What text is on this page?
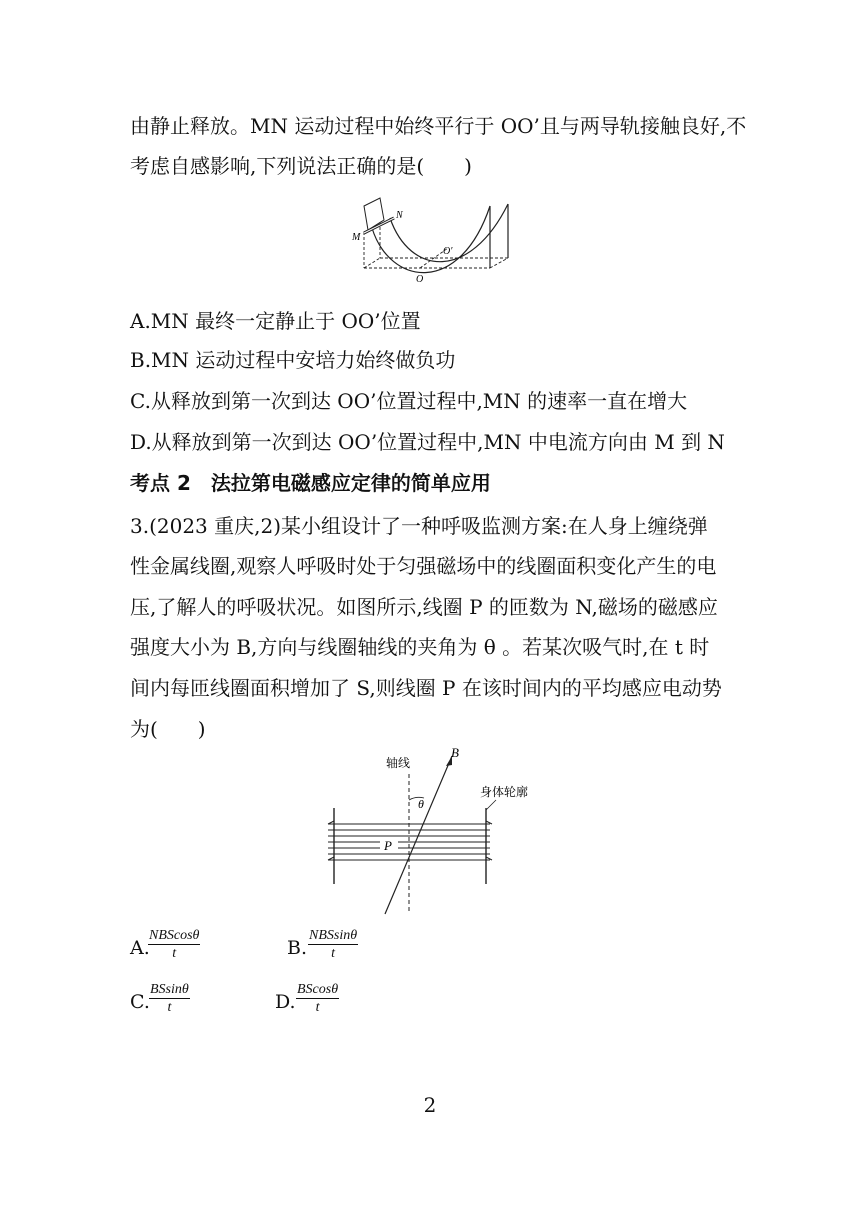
由静止释放。MN 运动过程中始终平行于 OO’且与两导轨接触良好,不
考虑自感影响,下列说法正确的是(　　)
N
M
O′
O
A.MN 最终一定静止于 OO’位置
B.MN 运动过程中安培力始终做负功
C.从释放到第一次到达 OO’位置过程中,MN 的速率一直在增大
D.从释放到第一次到达 OO’位置过程中,MN 中电流方向由 M 到 N
考点 2　法拉第电磁感应定律的简单应用
3.(2023 重庆,2)某小组设计了一种呼吸监测方案:在人身上缠绕弹
性金属线圈,观察人呼吸时处于匀强磁场中的线圈面积变化产生的电
压,了解人的呼吸状况。如图所示,线圈 P 的匝数为 N,磁场的磁感应
强度大小为 B,方向与线圈轴线的夹角为 θ 。若某次吸气时,在 t 时
间内每匝线圈面积增加了 S,则线圈 P 在该时间内的平均感应电动势
为(　　)
轴线
B
θ
身体轮廓
P
A.
NBScosθ
t	B.
NBSsinθ
t
C. $\frac{BSsin\theta}{t}$	D. $\frac{BScos\theta}{t}$
2
